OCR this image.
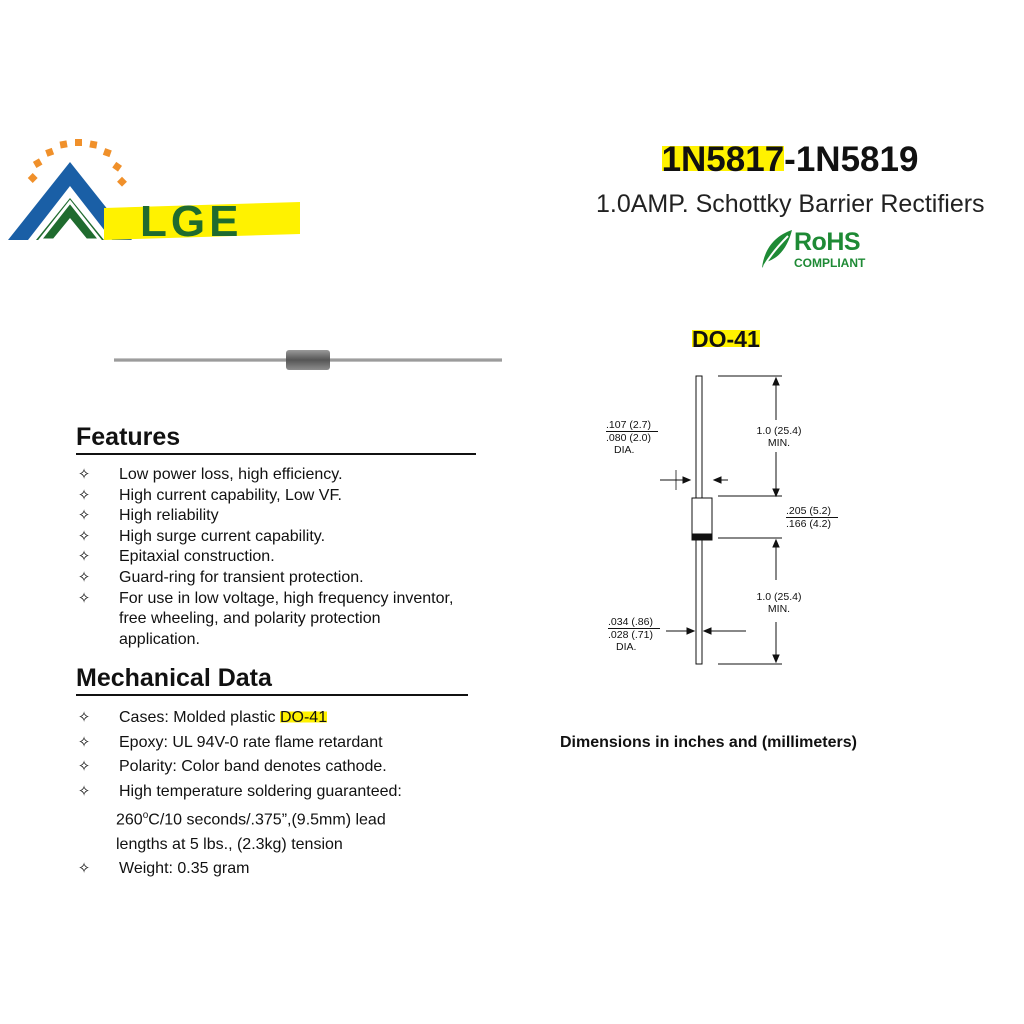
LGE
1N5817-1N5819
1.0AMP. Schottky Barrier Rectifiers
RoHS
COMPLIANT
Features
✧ Low power loss, high efficiency.
✧ High current capability, Low VF.
✧ High reliability
✧ High surge current capability.
✧ Epitaxial construction.
✧ Guard-ring for transient protection.
✧ For use in low voltage, high frequency inventor, free wheeling, and polarity protection application.
Mechanical Data
✧ Cases: Molded plastic DO-41
✧ Epoxy: UL 94V-0 rate flame retardant
✧ Polarity: Color band denotes cathode.
✧ High temperature soldering guaranteed:
260$^o$C/10 seconds/.375”,(9.5mm) lead
lengths at 5 lbs., (2.3kg) tension
✧ Weight: 0.35 gram
DO-41
.107 (2.7)
.080 (2.0)
DIA.
1.0 (25.4)
MIN.
.205 (5.2)
.166 (4.2)
1.0 (25.4)
MIN.
.034 (.86)
.028 (.71)
DIA.
Dimensions in inches and (millimeters)
